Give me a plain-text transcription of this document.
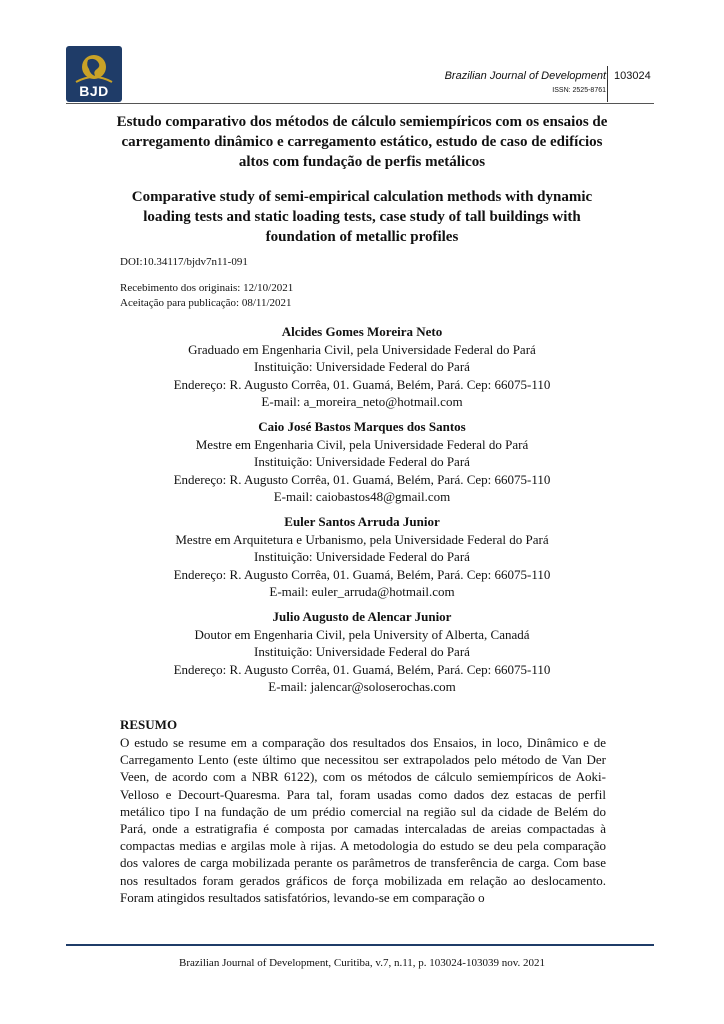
BJD
Brazilian Journal of Development
ISSN: 2525-8761
103024
Estudo comparativo dos métodos de cálculo semiempíricos com os ensaios de carregamento dinâmico e carregamento estático, estudo de caso de edifícios altos com fundação de perfis metálicos
Comparative study of semi-empirical calculation methods with dynamic loading tests and static loading tests, case study of tall buildings with foundation of metallic profiles
DOI:10.34117/bjdv7n11-091
Recebimento dos originais: 12/10/2021
Aceitação para publicação: 08/11/2021
Alcides Gomes Moreira Neto
Graduado em Engenharia Civil, pela Universidade Federal do Pará
Instituição: Universidade Federal do Pará
Endereço: R. Augusto Corrêa, 01. Guamá, Belém, Pará. Cep: 66075-110
E-mail: a_moreira_neto@hotmail.com
Caio José Bastos Marques dos Santos
Mestre em Engenharia Civil, pela Universidade Federal do Pará
Instituição: Universidade Federal do Pará
Endereço: R. Augusto Corrêa, 01. Guamá, Belém, Pará. Cep: 66075-110
E-mail: caiobastos48@gmail.com
Euler Santos Arruda Junior
Mestre em Arquitetura e Urbanismo, pela Universidade Federal do Pará
Instituição: Universidade Federal do Pará
Endereço: R. Augusto Corrêa, 01. Guamá, Belém, Pará. Cep: 66075-110
E-mail: euler_arruda@hotmail.com
Julio Augusto de Alencar Junior
Doutor em Engenharia Civil, pela University of Alberta, Canadá
Instituição: Universidade Federal do Pará
Endereço: R. Augusto Corrêa, 01. Guamá, Belém, Pará. Cep: 66075-110
E-mail: jalencar@soloserochas.com
RESUMO
O estudo se resume em a comparação dos resultados dos Ensaios, in loco, Dinâmico e de Carregamento Lento (este último que necessitou ser extrapolados pelo método de Van Der Veen, de acordo com a NBR 6122), com os métodos de cálculo semiempíricos de Aoki-Velloso e Decourt-Quaresma. Para tal, foram usadas como dados dez estacas de perfil metálico tipo I na fundação de um prédio comercial na região sul da cidade de Belém do Pará, onde a estratigrafia é composta por camadas intercaladas de areias compactadas à compactas medias e argilas mole à rijas. A metodologia do estudo se deu pela comparação dos valores de carga mobilizada perante os parâmetros de transferência de carga. Com base nos resultados foram gerados gráficos de força mobilizada em relação ao deslocamento. Foram atingidos resultados satisfatórios, levando-se em comparação o
Brazilian Journal of Development, Curitiba, v.7, n.11, p. 103024-103039 nov. 2021
